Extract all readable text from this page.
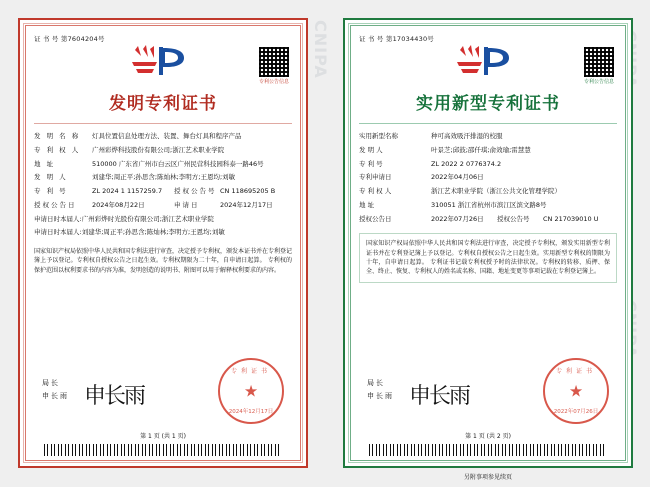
CNIPA
证 书 号 第7604204号
专利公告信息
发明专利证书
发 明 名 称	灯具位置信息处理方法、装置、舞台灯具和程序产品
专 利 权 人	广州彩烨科技股份有限公司;浙江艺术职业学院
地 址	510000 广东省广州市白云区广州民营科技园科泰一路46号
发 明 人	刘建华;周正平;孙思含;陈灿林;李明方;王恩均;刘敏
专 利 号	ZL 2024 1 1157259.7	授权公告号 CN 118695205 B
授权公告日	2024年08月22日	申请日	2024年12月17日
申请日时本届人:广州彩烨时光股份有限公司;浙江艺术职业学院
申请日时本届人:刘建华;周正平;孙思含;陈灿林;李明方;王恩均;刘敏
国家知识产权局依照中华人民共和国专利法进行审查，决定授予专利权，颁发本证书并在专利登记簿上予以登记。专利权自授权公告之日起生效。专利权期限为二十年，自申请日起算。 专利权的保护范围以权利要求书的内容为准，发明创造的说明书、附图可以用于解释权利要求的内容。
局长
申长雨 申长雨
专利证书
★
2024年12月17日
第 1 页 (共 1 页)
证 书 号 第17034430号
专利公告信息
实用新型专利证书
实用新型名称	种可高效吸汗排湿的校服
发 明 人	叶景芝;邱鼓;邵仟琪;俞效瑜;雷慧慧
专 利 号	ZL 2022 2 0776374.2
专利申请日	2022年04月06日
专 利 权 人	浙江艺术职业学院（浙江公共文化管理学院）
地 址	310051 浙江省杭州市滨江区滨文路8号
授权公告日	2022年07月26日	授权公告号	CN 217039010 U
国家知识产权局依照中华人民共和国专利法进行审查，决定授予专利权，颁发实用新型专利证书并在专利登记簿上予以登记。专利权自授权公告之日起生效。实用新型专利权的期限为十年，自申请日起算。 专利证书记载专利权授予时的法律状况。专利权的转移、质押、保全、终止、恢复、专利权人的姓名或名称、国籍、地址变更等事项记载在专利登记簿上。
局长
申长雨 申长雨
专利证书
★
2022年07月26日
第 1 页 (共 2 页)
另附事项参见续页
